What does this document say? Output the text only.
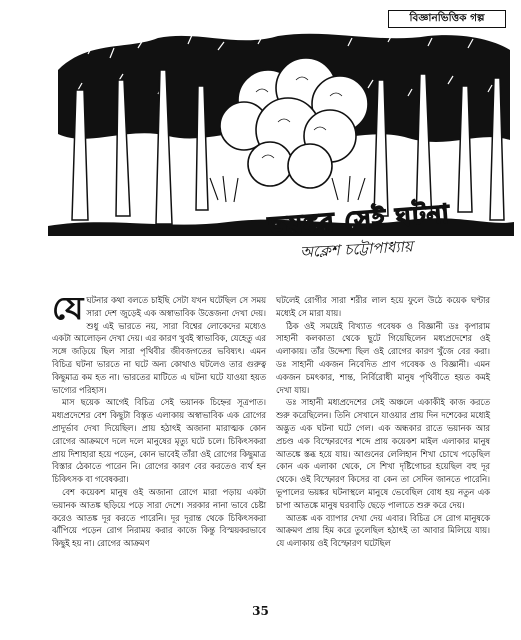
বিজ্ঞানভিত্তিক গল্প
ভয়ঙ্কর সেই ঘটনা
অক্লেশ চট্টোপাধ্যায়

যে ঘটনার কথা বলতে চাইছি সেটা যখন ঘটেছিল সে সময় সারা দেশ জুড়েই এক অস্বাভাবিক উত্তেজনা দেখা দেয়। শুধু এই ভারতে নয়, সারা বিশ্বের লোকেদের মধ্যেও একটা আলোড়ন দেখা দেয়। এর কারণ খুবই স্বাভাবিক, যেহেতু এর সঙ্গে জড়িয়ে ছিল সারা পৃথিবীর জীবজগতের ভবিষ্যৎ। এমন বিচিত্র ঘটনা ভারতে না ঘটে অন্য কোথাও ঘটলেও তার গুরুত্ব কিছুমাত্র কম হত না। ভারতের মাটিতে এ ঘটনা ঘটে যাওয়া হয়ত ভাগ্যের পরিহাস।

মাস ছয়েক আগেই বিচিত্র সেই ভয়ানক চিহ্নের সূত্রপাত। মধ্যপ্রদেশের বেশ কিছুটা বিস্তৃত এলাকায় অস্বাভাবিক এক রোগের প্রাদুর্ভাব দেখা দিয়েছিল। প্রায় হঠাৎই অজানা মারাত্মক কোন রোগের আক্রমণে দলে দলে মানুষের মৃত্যু ঘটে চলে। চিকিৎসকরা প্রায় দিশাহারা হয়ে পড়েন, কোন ভাবেই তাঁরা ওই রোগের কিছুমাত্র বিস্তার ঠেকাতে পারেন নি। রোগের কারণ বের করতেও ব্যর্থ হন চিকিৎসক বা গবেষকরা।

বেশ কয়েকশ মানুষ ওই অজানা রোগে মারা পড়ায় একটা ভয়ানক আতঙ্ক ছড়িয়ে পড়ে সারা দেশে। সরকার নানা ভাবে চেষ্টা করেও আতঙ্ক দূর করতে পারেনি। দূর দূরান্ত থেকে চিকিৎসকরা ঝাঁপিয়ে পড়েন রোগ নিরাময় করার কাজে কিন্তু বিস্ময়করভাবে কিছুই হয় না। রোগের আক্রমণ

ঘটলেই রোগীর সারা শরীর লাল হয়ে ফুলে উঠে কয়েক ঘণ্টার মধ্যেই সে মারা যায়।

ঠিক ওই সময়েই বিখ্যাত গবেষক ও বিজ্ঞানী ডঃ কৃপারাম সাহানী কলকাতা থেকে ছুটে গিয়েছিলেন মধ্যপ্রদেশের ওই এলাকায়। তাঁর উদ্দেশ্য ছিল ওই রোগের কারণ খুঁজে বের করা। ডঃ সাহানী একজন নিবেদিত প্রাণ গবেষক ও বিজ্ঞানী। এমন একজন চমৎকার, শান্ত, নির্বিরোধী মানুষ পৃথিবীতে হয়ত কমই দেখা যায়।

ডঃ সাহানী মধ্যপ্রদেশের সেই অঞ্চলে একাকীই কাজ করতে শুরু করেছিলেন। তিনি সেখানে যাওয়ার প্রায় দিন দশেকের মধ্যেই অদ্ভুত এক ঘটনা ঘটে গেল। এক অন্ধকার রাতে ভয়ানক আর প্রচণ্ড এক বিস্ফোরণের শব্দে প্রায় কয়েকশ মাইল এলাকার মানুষ আতঙ্কে স্তব্ধ হয়ে যায়। আগুনের লেলিহান শিখা চোখে পড়েছিল কোন এক এলাকা থেকে, সে শিখা দৃষ্টিগোচর হয়েছিল বহু দূর থেকে। ওই বিস্ফোরণ কিসের বা কেন তা সেদিন জানতে পারেনি। ভূপালের ভয়ঙ্কর ঘটনাস্থলে মানুষে ভেবেছিল বোধ হয় নতুন এক চাপা আতঙ্কে মানুষ ঘরবাড়ি ছেড়ে পালাতে শুরু করে দেয়।

আতঙ্ক এক ব্যাপার দেখা দেয় এবার। বিচিত্র সে রোগ মানুষকে আক্রমণ প্রায় হিম করে তুলেছিল হঠাৎই তা আবার মিলিয়ে যায়। যে এলাকায় ওই বিস্ফোরণ ঘটেছিল

35
